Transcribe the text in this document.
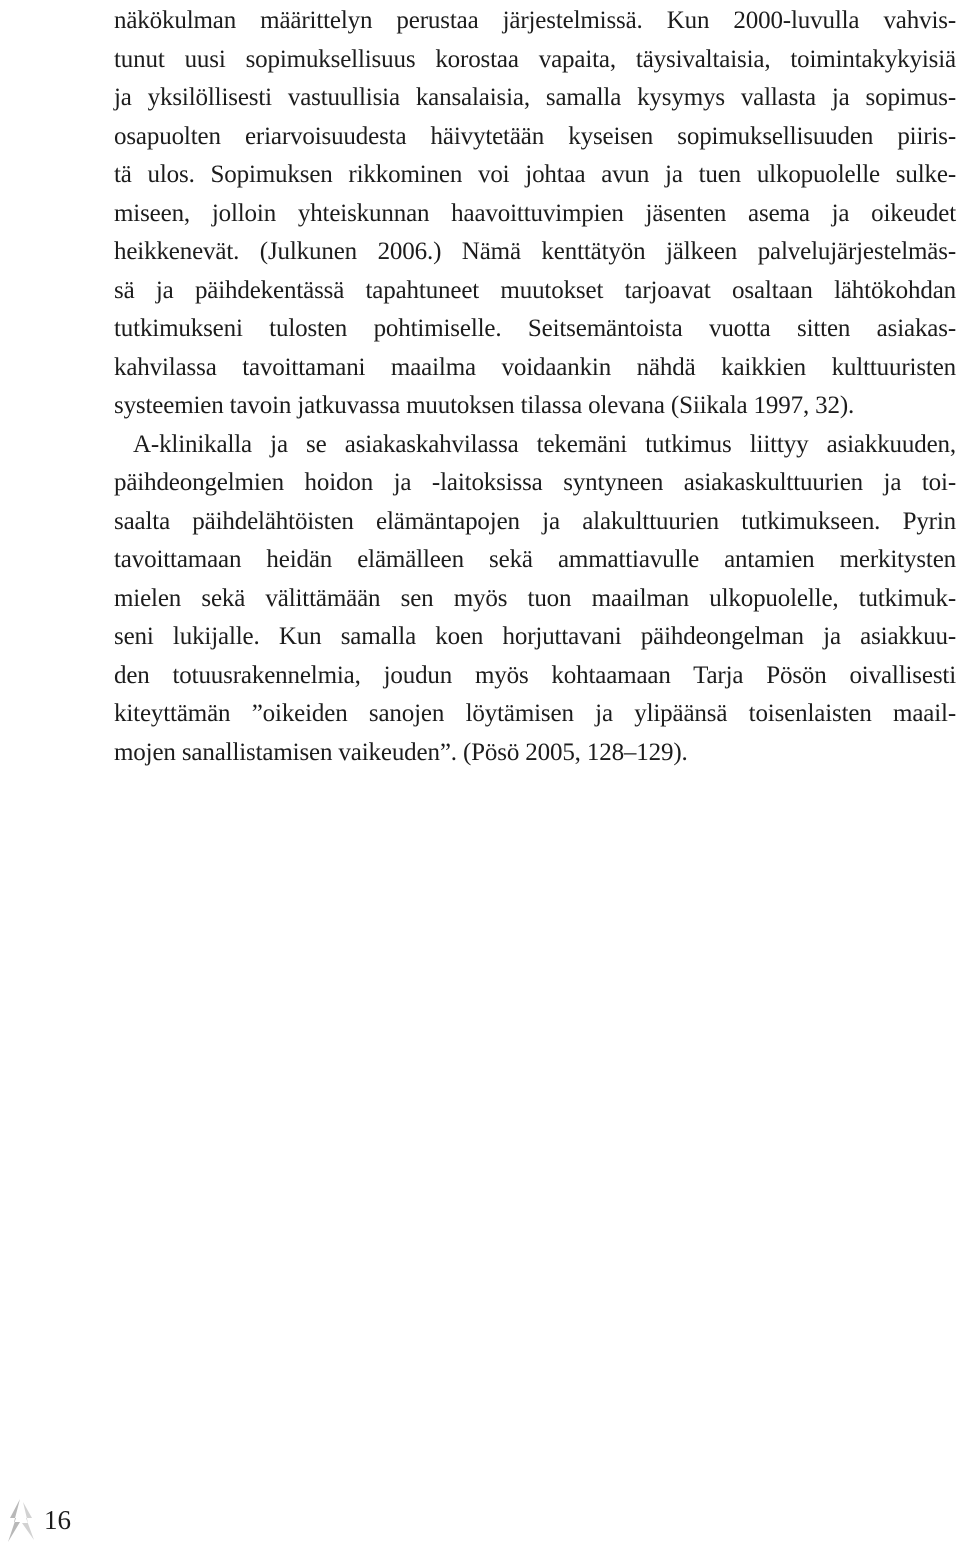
näkökulman määrittelyn perustaa järjestelmissä. Kun 2000-luvulla vahvis-
tunut uusi sopimuksellisuus korostaa vapaita, täysivaltaisia, toimintakykyisiä
ja yksilöllisesti vastuullisia kansalaisia, samalla kysymys vallasta ja sopimus-
osapuolten eriarvoisuudesta häivytetään kyseisen sopimuksellisuuden piiris-
tä ulos. Sopimuksen rikkominen voi johtaa avun ja tuen ulkopuolelle sulke-
miseen, jolloin yhteiskunnan haavoittuvimpien jäsenten asema ja oikeudet
heikkenevät. (Julkunen 2006.) Nämä kenttätyön jälkeen palvelujärjestelmäs-
sä ja päihdekentässä tapahtuneet muutokset tarjoavat osaltaan lähtökohdan
tutkimukseni tulosten pohtimiselle. Seitsemäntoista vuotta sitten asiakas-
kahvilassa tavoittamani maailma voidaankin nähdä kaikkien kulttuuristen
systeemien tavoin jatkuvassa muutoksen tilassa olevana (Siikala 1997, 32).
A-klinikalla ja se asiakaskahvilassa tekemäni tutkimus liittyy asiakkuuden,
päihdeongelmien hoidon ja -laitoksissa syntyneen asiakaskulttuurien ja toi-
saalta päihdelähtöisten elämäntapojen ja alakulttuurien tutkimukseen. Pyrin
tavoittamaan heidän elämälleen sekä ammattiavulle antamien merkitysten
mielen sekä välittämään sen myös tuon maailman ulkopuolelle, tutkimuk-
seni lukijalle. Kun samalla koen horjuttavani päihdeongelman ja asiakkuu-
den totuusrakennelmia, joudun myös kohtaamaan Tarja Pösön oivallisesti
kiteyttämän ”oikeiden sanojen löytämisen ja ylipäänsä toisenlaisten maail-
mojen sanallistamisen vaikeuden”. (Pösö 2005, 128–129).
16
